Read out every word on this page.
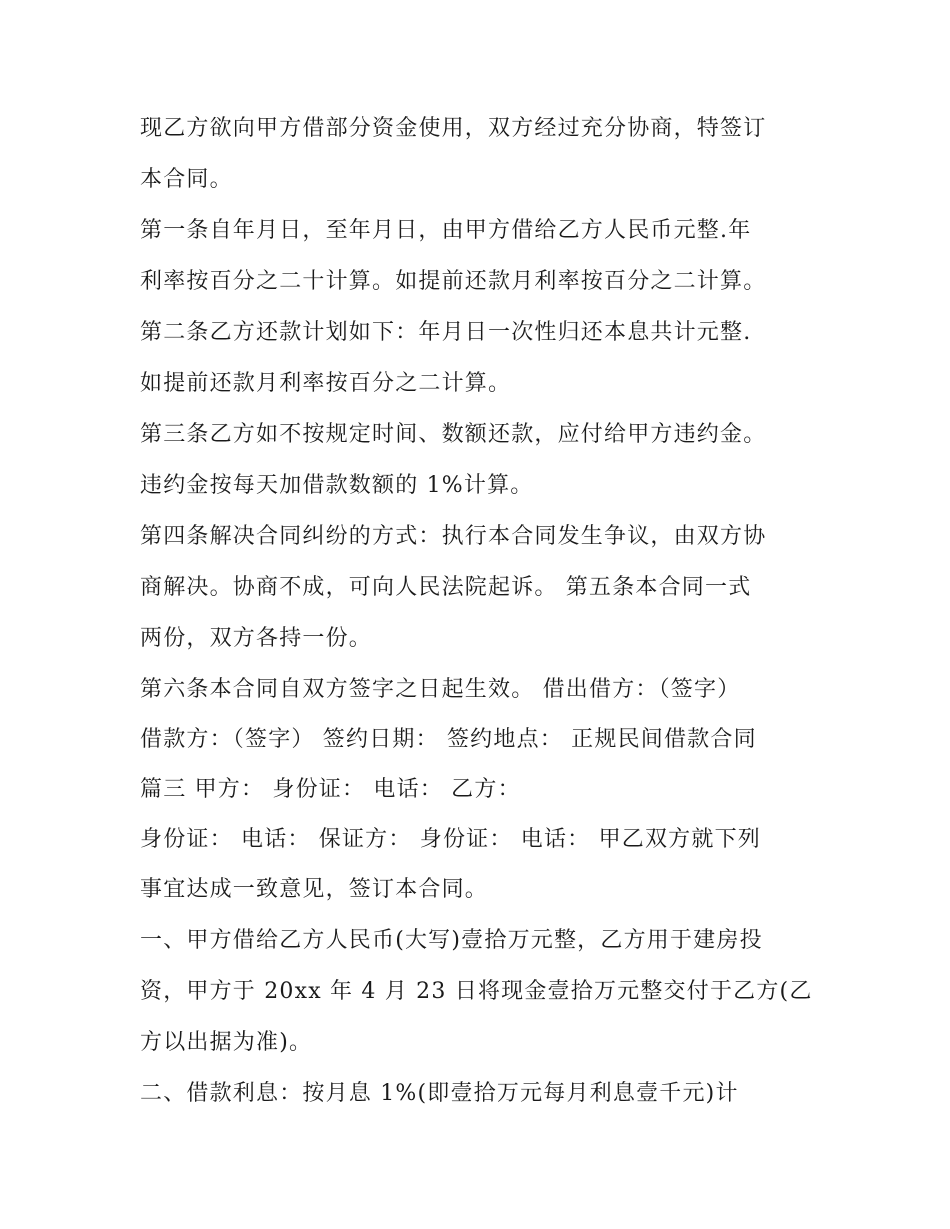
现乙方欲向甲方借部分资金使用，双方经过充分协商，特签订
本合同。
第一条自年月日，至年月日，由甲方借给乙方人民币元整.年
利率按百分之二十计算。如提前还款月利率按百分之二计算。
第二条乙方还款计划如下：年月日一次性归还本息共计元整.
如提前还款月利率按百分之二计算。
第三条乙方如不按规定时间、数额还款，应付给甲方违约金。
违约金按每天加借款数额的 1%计算。
第四条解决合同纠纷的方式：执行本合同发生争议，由双方协
商解决。协商不成，可向人民法院起诉。 第五条本合同一式
两份，双方各持一份。
第六条本合同自双方签字之日起生效。 借出借方：（签字）
借款方：（签字） 签约日期： 签约地点： 正规民间借款合同
篇三 甲方： 身份证： 电话： 乙方：
身份证： 电话： 保证方： 身份证： 电话： 甲乙双方就下列
事宜达成一致意见，签订本合同。
一、甲方借给乙方人民币(大写)壹拾万元整，乙方用于建房投
资，甲方于 20xx 年 4 月 23 日将现金壹拾万元整交付于乙方(乙
方以出据为准)。
二、借款利息：按月息 1%(即壹拾万元每月利息壹千元)计
